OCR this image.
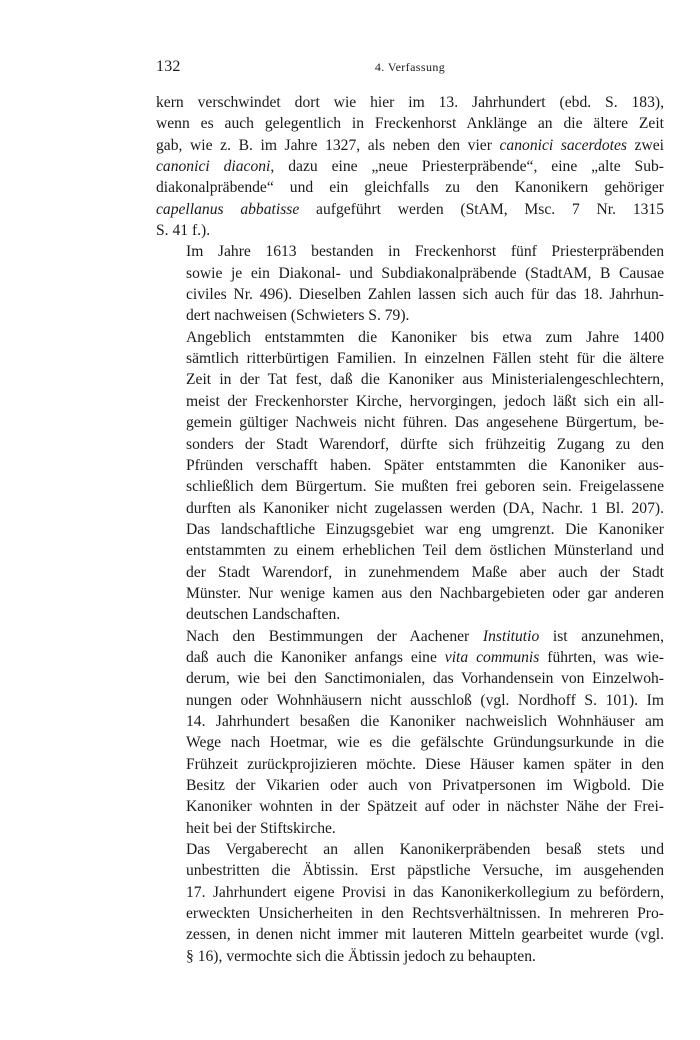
132	4. Verfassung

kern verschwindet dort wie hier im 13. Jahrhundert (ebd. S. 183),
wenn es auch gelegentlich in Freckenhorst Anklänge an die ältere Zeit
gab, wie z. B. im Jahre 1327, als neben den vier canonici sacerdotes zwei
canonici diaconi, dazu eine „neue Priesterpräbende“, eine „alte Sub-
diakonalpräbende“ und ein gleichfalls zu den Kanonikern gehöriger
capellanus abbatisse aufgeführt werden (StAM, Msc. 7 Nr. 1315
S. 41 f.).

Im Jahre 1613 bestanden in Freckenhorst fünf Priesterpräbenden
sowie je ein Diakonal- und Subdiakonalpräbende (StadtAM, B Causae
civiles Nr. 496). Dieselben Zahlen lassen sich auch für das 18. Jahrhun-
dert nachweisen (Schwieters S. 79).

Angeblich entstammten die Kanoniker bis etwa zum Jahre 1400
sämtlich ritterbürtigen Familien. In einzelnen Fällen steht für die ältere
Zeit in der Tat fest, daß die Kanoniker aus Ministerialengeschlechtern,
meist der Freckenhorster Kirche, hervorgingen, jedoch läßt sich ein all-
gemein gültiger Nachweis nicht führen. Das angesehene Bürgertum, be-
sonders der Stadt Warendorf, dürfte sich frühzeitig Zugang zu den
Pfründen verschafft haben. Später entstammten die Kanoniker aus-
schließlich dem Bürgertum. Sie mußten frei geboren sein. Freigelassene
durften als Kanoniker nicht zugelassen werden (DA, Nachr. 1 Bl. 207).
Das landschaftliche Einzugsgebiet war eng umgrenzt. Die Kanoniker
entstammten zu einem erheblichen Teil dem östlichen Münsterland und
der Stadt Warendorf, in zunehmendem Maße aber auch der Stadt
Münster. Nur wenige kamen aus den Nachbargebieten oder gar anderen
deutschen Landschaften.

Nach den Bestimmungen der Aachener Institutio ist anzunehmen,
daß auch die Kanoniker anfangs eine vita communis führten, was wie-
derum, wie bei den Sanctimonialen, das Vorhandensein von Einzelwoh-
nungen oder Wohnhäusern nicht ausschloß (vgl. Nordhoff S. 101). Im
14. Jahrhundert besaßen die Kanoniker nachweislich Wohnhäuser am
Wege nach Hoetmar, wie es die gefälschte Gründungsurkunde in die
Frühzeit zurückprojizieren möchte. Diese Häuser kamen später in den
Besitz der Vikarien oder auch von Privatpersonen im Wigbold. Die
Kanoniker wohnten in der Spätzeit auf oder in nächster Nähe der Frei-
heit bei der Stiftskirche.

Das Vergaberecht an allen Kanonikerpräbenden besaß stets und
unbestritten die Äbtissin. Erst päpstliche Versuche, im ausgehenden
17. Jahrhundert eigene Provisi in das Kanonikerkollegium zu befördern,
erweckten Unsicherheiten in den Rechtsverhältnissen. In mehreren Pro-
zessen, in denen nicht immer mit lauteren Mitteln gearbeitet wurde (vgl.
§ 16), vermochte sich die Äbtissin jedoch zu behaupten.
